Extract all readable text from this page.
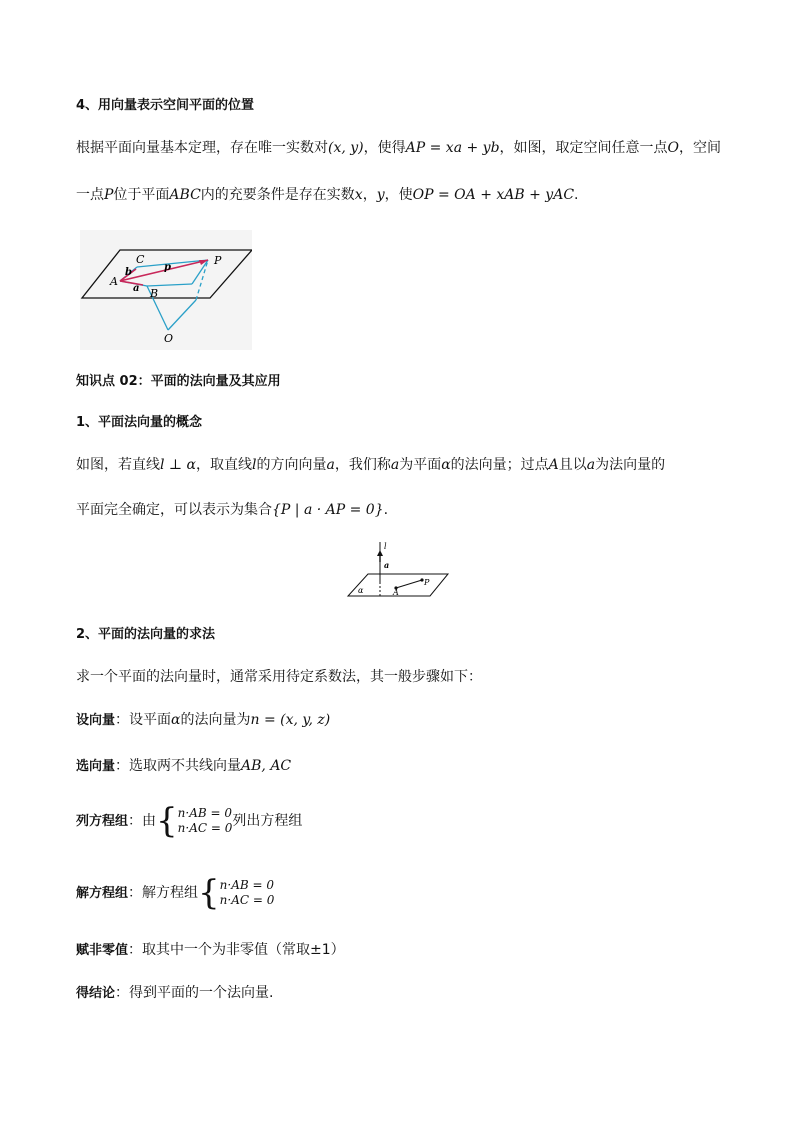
4、用向量表示空间平面的位置
根据平面向量基本定理，存在唯一实数对(x, y)，使得AP = xa + yb，如图，取定空间任意一点O，空间
一点P位于平面ABC内的充要条件是存在实数x，y，使OP = OA + xAB + yAC.
P
C
A
B
O
b
a
p
知识点 02：平面的法向量及其应用
1、平面法向量的概念
如图，若直线l ⊥ α，取直线l的方向向量a，我们称a为平面α的法向量；过点A且以a为法向量的
平面完全确定，可以表示为集合{P | a · AP = 0}.
l
a
P
A
α
2、平面的法向量的求法
求一个平面的法向量时，通常采用待定系数法，其一般步骤如下：
设向量：设平面α的法向量为n = (x, y, z)
选向量：选取两不共线向量AB, AC
列方程组：由{ n·AB = 0
n·AC = 0 列出方程组
解方程组：解方程组{ n·AB = 0
n·AC = 0
赋非零值：取其中一个为非零值（常取±1）
得结论：得到平面的一个法向量.
